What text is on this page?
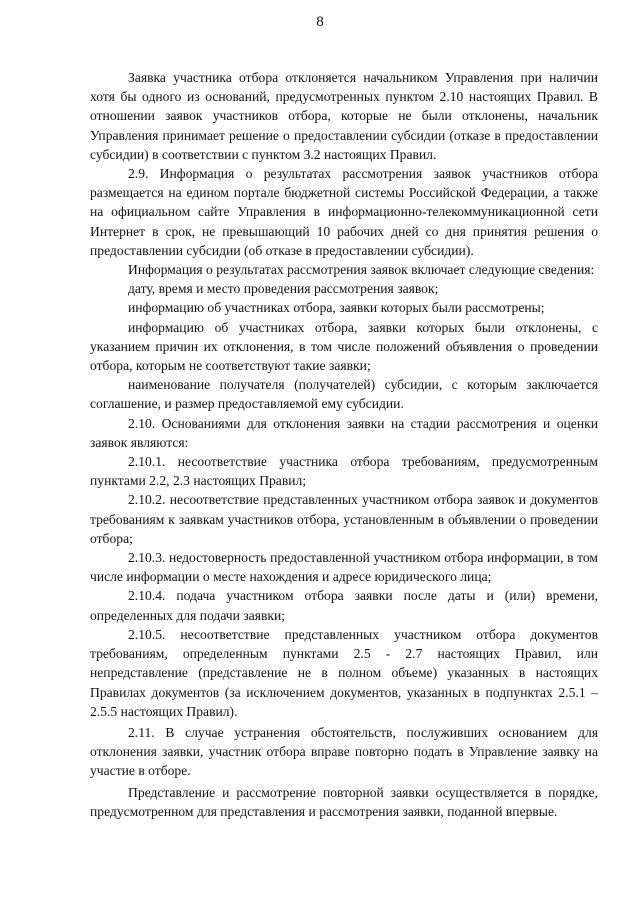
8

Заявка участника отбора отклоняется начальником Управления при наличии хотя бы одного из оснований, предусмотренных пунктом 2.10 настоящих Правил. В отношении заявок участников отбора, которые не были отклонены, начальник Управления принимает решение о предоставлении субсидии (отказе в предоставлении субсидии) в соответствии с пунктом 3.2 настоящих Правил.

2.9. Информация о результатах рассмотрения заявок участников отбора размещается на едином портале бюджетной системы Российской Федерации, а также на официальном сайте Управления в информационно-телекоммуникационной сети Интернет в срок, не превышающий 10 рабочих дней со дня принятия решения о предоставлении субсидии (об отказе в предоставлении субсидии).

Информация о результатах рассмотрения заявок включает следующие сведения:

дату, время и место проведения рассмотрения заявок;

информацию об участниках отбора, заявки которых были рассмотрены;

информацию об участниках отбора, заявки которых были отклонены, с указанием причин их отклонения, в том числе положений объявления о проведении отбора, которым не соответствуют такие заявки;

наименование получателя (получателей) субсидии, с которым заключается соглашение, и размер предоставляемой ему субсидии.

2.10. Основаниями для отклонения заявки на стадии рассмотрения и оценки заявок являются:

2.10.1. несоответствие участника отбора требованиям, предусмотренным пунктами 2.2, 2.3 настоящих Правил;

2.10.2. несоответствие представленных участником отбора заявок и документов требованиям к заявкам участников отбора, установленным в объявлении о проведении отбора;

2.10.3. недостоверность предоставленной участником отбора информации, в том числе информации о месте нахождения и адресе юридического лица;

2.10.4. подача участником отбора заявки после даты и (или) времени, определенных для подачи заявки;

2.10.5. несоответствие представленных участником отбора документов требованиям, определенным пунктами 2.5 - 2.7 настоящих Правил, или непредставление (представление не в полном объеме) указанных в настоящих Правилах документов (за исключением документов, указанных в подпунктах 2.5.1 – 2.5.5 настоящих Правил).

2.11. В случае устранения обстоятельств, послуживших основанием для отклонения заявки, участник отбора вправе повторно подать в Управление заявку на участие в отборе.

Представление и рассмотрение повторной заявки осуществляется в порядке, предусмотренном для представления и рассмотрения заявки, поданной впервые.
